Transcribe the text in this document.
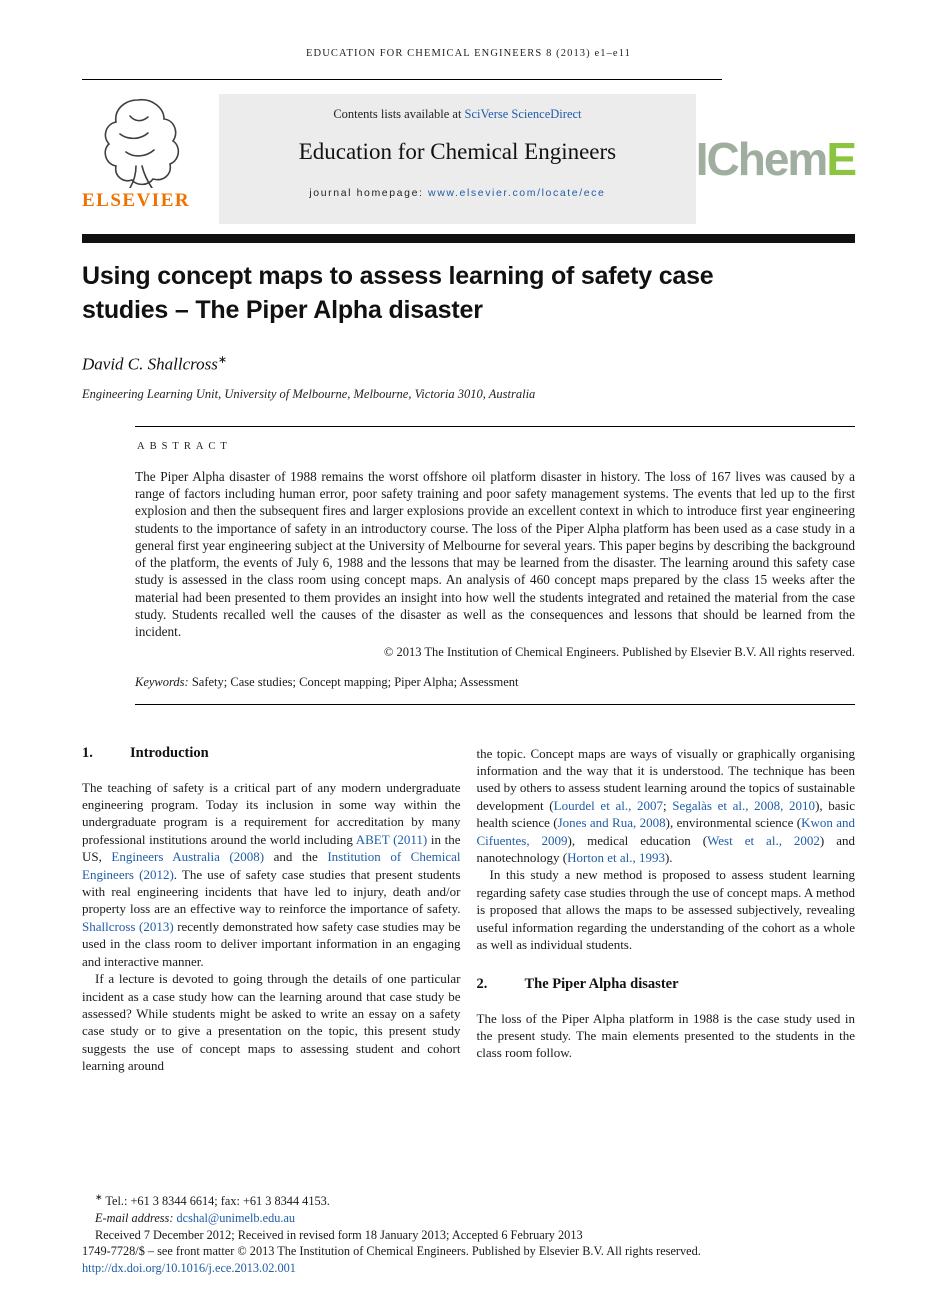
EDUCATION FOR CHEMICAL ENGINEERS 8 (2013) e1–e11
ELSEVIER
Contents lists available at SciVerse ScienceDirect
Education for Chemical Engineers
journal homepage: www.elsevier.com/locate/ece
IChemE
Using concept maps to assess learning of safety case studies – The Piper Alpha disaster
David C. Shallcross∗
Engineering Learning Unit, University of Melbourne, Melbourne, Victoria 3010, Australia
ABSTRACT

The Piper Alpha disaster of 1988 remains the worst offshore oil platform disaster in history. The loss of 167 lives was caused by a range of factors including human error, poor safety training and poor safety management systems. The events that led up to the first explosion and then the subsequent fires and larger explosions provide an excellent context in which to introduce first year engineering students to the importance of safety in an introductory course. The loss of the Piper Alpha platform has been used as a case study in a general first year engineering subject at the University of Melbourne for several years. This paper begins by describing the background of the platform, the events of July 6, 1988 and the lessons that may be learned from the disaster. The learning around this safety case study is assessed in the class room using concept maps. An analysis of 460 concept maps prepared by the class 15 weeks after the material had been presented to them provides an insight into how well the students integrated and retained the material from the case study. Students recalled well the causes of the disaster as well as the consequences and lessons that should be learned from the incident.

© 2013 The Institution of Chemical Engineers. Published by Elsevier B.V. All rights reserved.

Keywords: Safety; Case studies; Concept mapping; Piper Alpha; Assessment

1.	Introduction

The teaching of safety is a critical part of any modern undergraduate engineering program. Today its inclusion in some way within the undergraduate program is a requirement for accreditation by many professional institutions around the world including ABET (2011) in the US, Engineers Australia (2008) and the Institution of Chemical Engineers (2012). The use of safety case studies that present students with real engineering incidents that have led to injury, death and/or property loss are an effective way to reinforce the importance of safety. Shallcross (2013) recently demonstrated how safety case studies may be used in the class room to deliver important information in an engaging and interactive manner.

If a lecture is devoted to going through the details of one particular incident as a case study how can the learning around that case study be assessed? While students might be asked to write an essay on a safety case study or to give a presentation on the topic, this present study suggests the use of concept maps to assessing student and cohort learning around

the topic. Concept maps are ways of visually or graphically organising information and the way that it is understood. The technique has been used by others to assess student learning around the topics of sustainable development (Lourdel et al., 2007; Segalàs et al., 2008, 2010), basic health science (Jones and Rua, 2008), environmental science (Kwon and Cifuentes, 2009), medical education (West et al., 2002) and nanotechnology (Horton et al., 1993).

In this study a new method is proposed to assess student learning regarding safety case studies through the use of concept maps. A method is proposed that allows the maps to be assessed subjectively, revealing useful information regarding the understanding of the cohort as a whole as well as individual students.

2.	The Piper Alpha disaster

The loss of the Piper Alpha platform in 1988 is the case study used in the present study. The main elements presented to the students in the class room follow.

∗ Tel.: +61 3 8344 6614; fax: +61 3 8344 4153.

E-mail address: dcshal@unimelb.edu.au

Received 7 December 2012; Received in revised form 18 January 2013; Accepted 6 February 2013

1749-7728/$ – see front matter © 2013 The Institution of Chemical Engineers. Published by Elsevier B.V. All rights reserved.

http://dx.doi.org/10.1016/j.ece.2013.02.001
